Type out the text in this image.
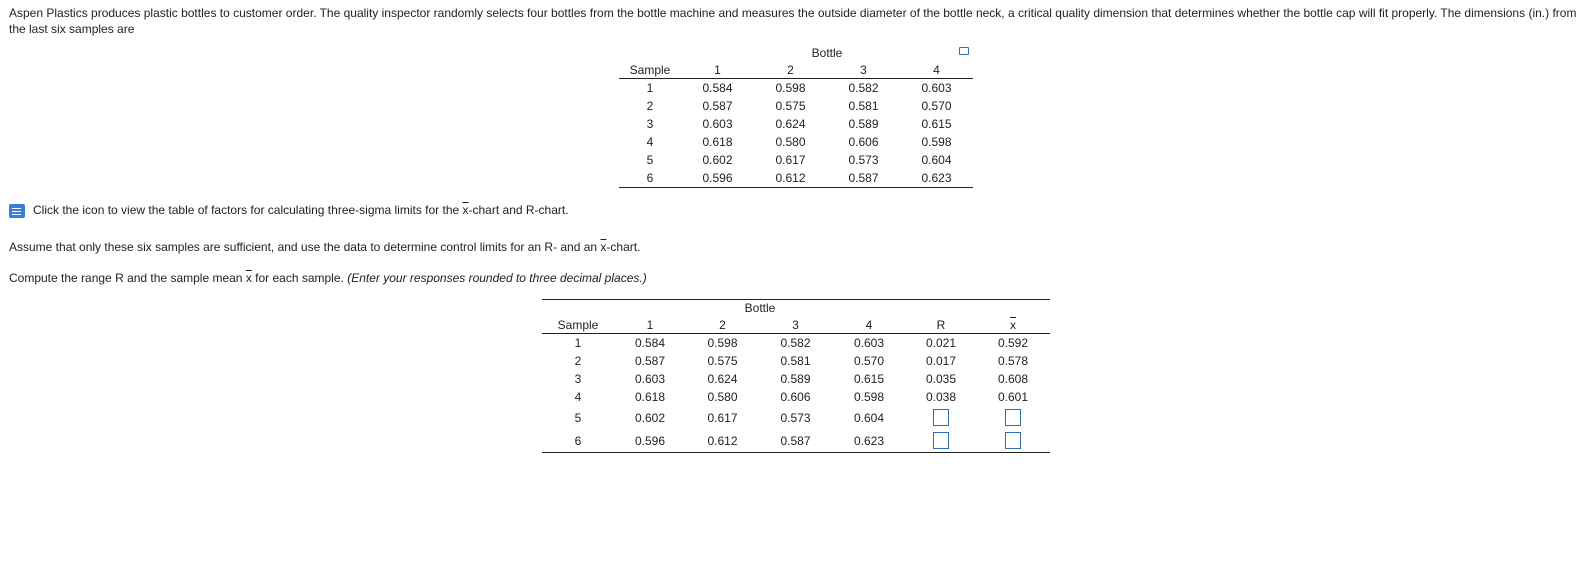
Aspen Plastics produces plastic bottles to customer order. The quality inspector randomly selects four bottles from the bottle machine and measures the outside diameter of the bottle neck, a critical quality dimension that determines whether the bottle cap will fit properly. The dimensions (in.) from the last six samples are
	Bottle			
Sample	1	2	3	4

1	0.584	0.598	0.582	0.603
2	0.587	0.575	0.581	0.570
3	0.603	0.624	0.589	0.615
4	0.618	0.580	0.606	0.598
5	0.602	0.617	0.573	0.604
6	0.596	0.612	0.587	0.623
Click the icon to view the table of factors for calculating three-sigma limits for the $\overline{x}$-chart and R-chart.
Assume that only these six samples are sufficient, and use the data to determine control limits for an R- and an $\overline{x}$-chart.
Compute the range R and the sample mean $\overline{x}$ for each sample. (Enter your responses rounded to three decimal places.)
	Bottle					
Sample	1	2	3	4	R	$\overline{x}$
1	0.584	0.598	0.582	0.603	0.021	0.592
2	0.587	0.575	0.581	0.570	0.017	0.578
3	0.603	0.624	0.589	0.615	0.035	0.608
4	0.618	0.580	0.606	0.598	0.038	0.601
5	0.602	0.617	0.573	0.604		
6	0.596	0.612	0.587	0.623		
